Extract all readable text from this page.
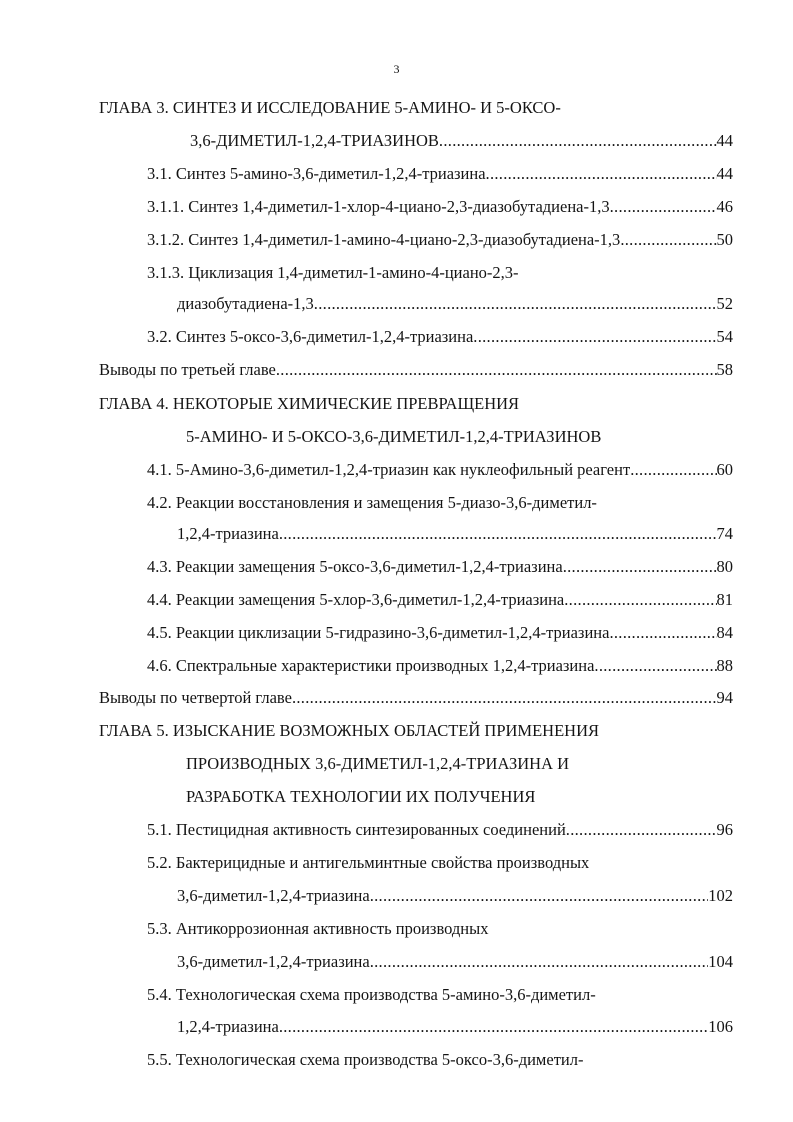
3
ГЛАВА 3. СИНТЕЗ И ИССЛЕДОВАНИЕ 5-АМИНО- И 5-ОКСО-
3,6-ДИМЕТИЛ-1,2,4-ТРИАЗИНОВ .....	44
3.1. Синтез 5-амино-3,6-диметил-1,2,4-триазина .....	44
3.1.1. Синтез 1,4-диметил-1-хлор-4-циано-2,3-диазобутадиена-1,3 .....	46
3.1.2. Синтез 1,4-диметил-1-амино-4-циано-2,3-диазобутадиена-1,3 .....	50
3.1.3. Циклизация 1,4-диметил-1-амино-4-циано-2,3-
диазобутадиена-1,3 .....	52
3.2. Синтез 5-оксо-3,6-диметил-1,2,4-триазина .....	54
Выводы по третьей главе .....	58
ГЛАВА 4. НЕКОТОРЫЕ ХИМИЧЕСКИЕ ПРЕВРАЩЕНИЯ
5-АМИНО- И 5-ОКСО-3,6-ДИМЕТИЛ-1,2,4-ТРИАЗИНОВ
4.1. 5-Амино-3,6-диметил-1,2,4-триазин как нуклеофильный реагент .....	60
4.2. Реакции восстановления и замещения 5-диазо-3,6-диметил-
1,2,4-триазина .....	74
4.3. Реакции замещения 5-оксо-3,6-диметил-1,2,4-триазина .....	80
4.4. Реакции замещения 5-хлор-3,6-диметил-1,2,4-триазина .....	81
4.5. Реакции циклизации 5-гидразино-3,6-диметил-1,2,4-триазина .....	84
4.6. Спектральные характеристики производных 1,2,4-триазина .....	88
Выводы по четвертой главе .....	94
ГЛАВА 5. ИЗЫСКАНИЕ ВОЗМОЖНЫХ ОБЛАСТЕЙ ПРИМЕНЕНИЯ
ПРОИЗВОДНЫХ 3,6-ДИМЕТИЛ-1,2,4-ТРИАЗИНА И
РАЗРАБОТКА ТЕХНОЛОГИИ ИХ ПОЛУЧЕНИЯ
5.1. Пестицидная активность синтезированных соединений .....	96
5.2. Бактерицидные и антигельминтные свойства производных
3,6-диметил-1,2,4-триазина .....	102
5.3. Антикоррозионная активность производных
3,6-диметил-1,2,4-триазина .....	104
5.4. Технологическая схема производства 5-амино-3,6-диметил-
1,2,4-триазина .....	106
5.5. Технологическая схема производства 5-оксо-3,6-диметил-
